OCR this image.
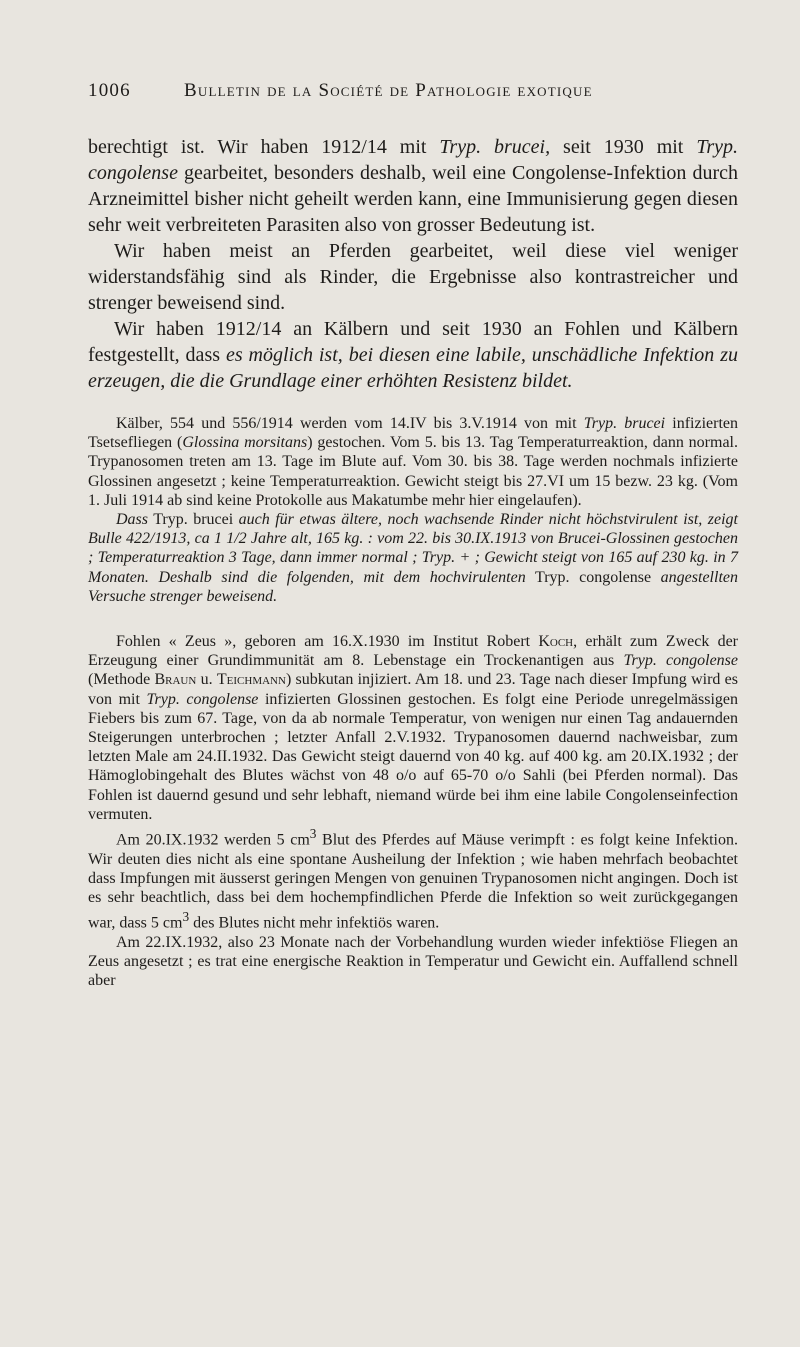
1006	Bulletin de la Société de Pathologie exotique

berechtigt ist. Wir haben 1912/14 mit Tryp. brucei, seit 1930 mit Tryp. congolense gearbeitet, besonders deshalb, weil eine Congolense-Infektion durch Arzneimittel bisher nicht geheilt werden kann, eine Immunisierung gegen diesen sehr weit verbreiteten Parasiten also von grosser Bedeutung ist.

Wir haben meist an Pferden gearbeitet, weil diese viel weniger widerstandsfähig sind als Rinder, die Ergebnisse also kontrastreicher und strenger beweisend sind.

Wir haben 1912/14 an Kälbern und seit 1930 an Fohlen und Kälbern festgestellt, dass es möglich ist, bei diesen eine labile, unschädliche Infektion zu erzeugen, die die Grundlage einer erhöhten Resistenz bildet.

Kälber, 554 und 556/1914 werden vom 14.IV bis 3.V.1914 von mit Tryp. brucei infizierten Tsetsefliegen (Glossina morsitans) gestochen. Vom 5. bis 13. Tag Temperaturreaktion, dann normal. Trypanosomen treten am 13. Tage im Blute auf. Vom 30. bis 38. Tage werden nochmals infizierte Glossinen angesetzt ; keine Temperaturreaktion. Gewicht steigt bis 27.VI um 15 bezw. 23 kg. (Vom 1. Juli 1914 ab sind keine Protokolle aus Makatumbe mehr hier eingelaufen).

Dass Tryp. brucei auch für etwas ältere, noch wachsende Rinder nicht höchstvirulent ist, zeigt Bulle 422/1913, ca 1 1/2 Jahre alt, 165 kg. : vom 22. bis 30.IX.1913 von Brucei-Glossinen gestochen ; Temperaturreaktion 3 Tage, dann immer normal ; Tryp. + ; Gewicht steigt von 165 auf 230 kg. in 7 Monaten. Deshalb sind die folgenden, mit dem hochvirulenten Tryp. congolense angestellten Versuche strenger beweisend.

Fohlen « Zeus », geboren am 16.X.1930 im Institut Robert Koch, erhält zum Zweck der Erzeugung einer Grundimmunität am 8. Lebenstage ein Trockenantigen aus Tryp. congolense (Methode Braun u. Teichmann) subkutan injiziert. Am 18. und 23. Tage nach dieser Impfung wird es von mit Tryp. congolense infizierten Glossinen gestochen. Es folgt eine Periode unregelmässigen Fiebers bis zum 67. Tage, von da ab normale Temperatur, von wenigen nur einen Tag andauernden Steigerungen unterbrochen ; letzter Anfall 2.V.1932. Trypanosomen dauernd nachweisbar, zum letzten Male am 24.II.1932. Das Gewicht steigt dauernd von 40 kg. auf 400 kg. am 20.IX.1932 ; der Hämoglobingehalt des Blutes wächst von 48 o/o auf 65-70 o/o Sahli (bei Pferden normal). Das Fohlen ist dauernd gesund und sehr lebhaft, niemand würde bei ihm eine labile Congolenseinfection vermuten.

Am 20.IX.1932 werden 5 $cm^3$ Blut des Pferdes auf Mäuse verimpft : es folgt keine Infektion. Wir deuten dies nicht als eine spontane Ausheilung der Infektion ; wie haben mehrfach beobachtet dass Impfungen mit äusserst geringen Mengen von genuinen Trypanosomen nicht angingen. Doch ist es sehr beachtlich, dass bei dem hochempfindlichen Pferde die Infektion so weit zurückgegangen war, dass 5 $cm^3$ des Blutes nicht mehr infektiös waren.

Am 22.IX.1932, also 23 Monate nach der Vorbehandlung wurden wieder infektiöse Fliegen an Zeus angesetzt ; es trat eine energische Reaktion in Temperatur und Gewicht ein. Auffallend schnell aber
